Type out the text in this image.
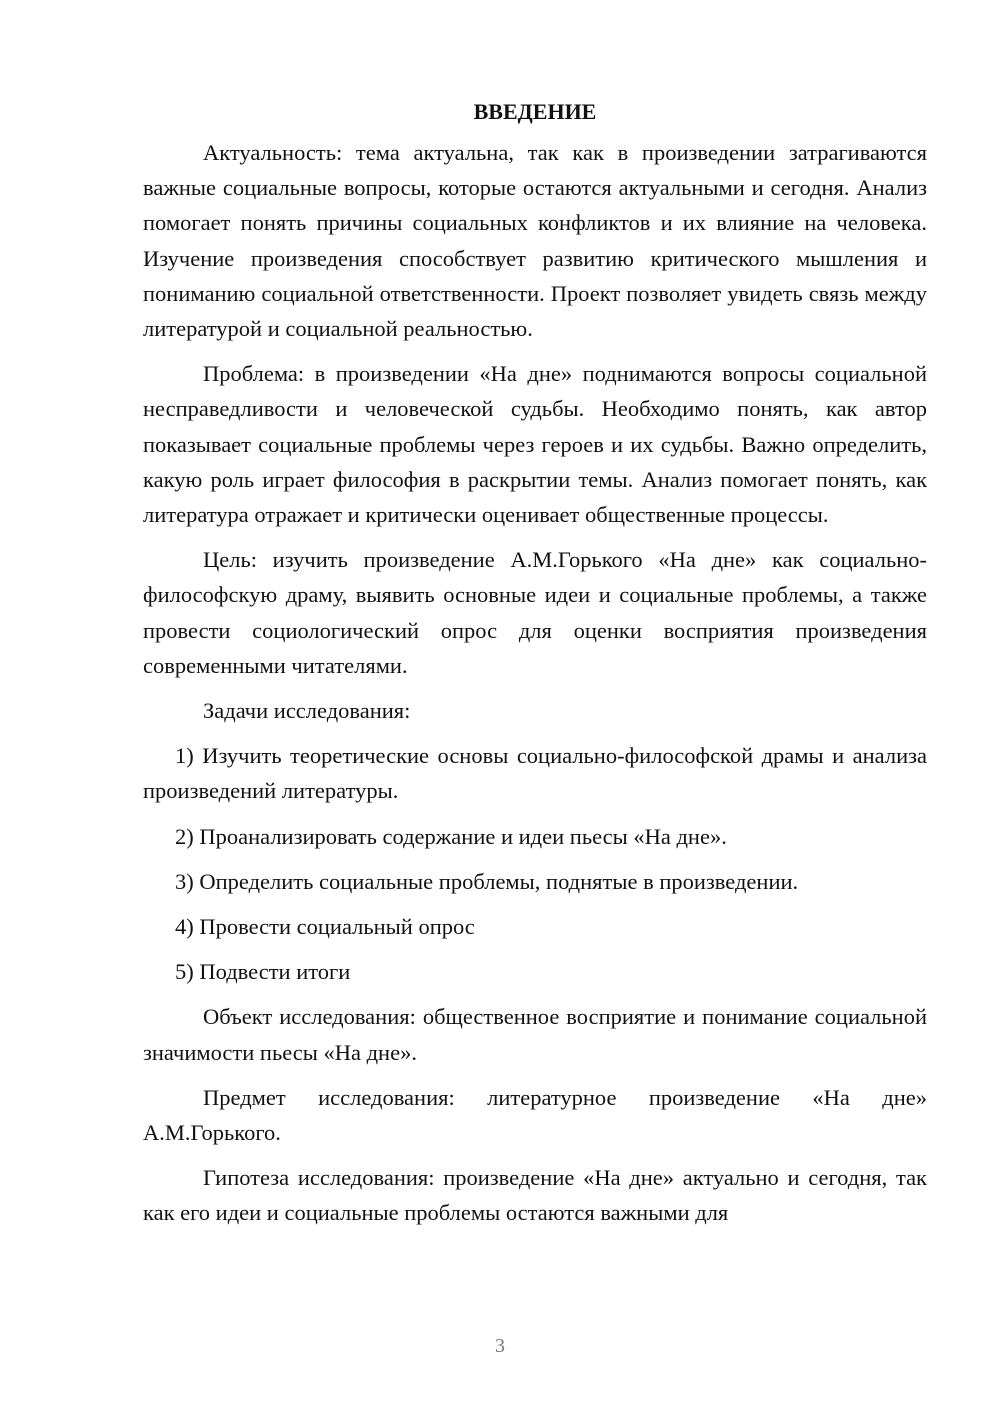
ВВЕДЕНИЕ

Актуальность: тема актуальна, так как в произведении затрагиваются важные социальные вопросы, которые остаются актуальными и сегодня. Анализ помогает понять причины социальных конфликтов и их влияние на человека. Изучение произведения способствует развитию критического мышления и пониманию социальной ответственности. Проект позволяет увидеть связь между литературой и социальной реальностью.

Проблема: в произведении «На дне» поднимаются вопросы социальной несправедливости и человеческой судьбы. Необходимо понять, как автор показывает социальные проблемы через героев и их судьбы. Важно определить, какую роль играет философия в раскрытии темы. Анализ помогает понять, как литература отражает и критически оценивает общественные процессы.

Цель: изучить произведение А.М.Горького «На дне» как социально-философскую драму, выявить основные идеи и социальные проблемы, а также провести социологический опрос для оценки восприятия произведения современными читателями.

Задачи исследования:

1) Изучить теоретические основы социально-философской драмы и анализа произведений литературы.

2) Проанализировать содержание и идеи пьесы «На дне».

3) Определить социальные проблемы, поднятые в произведении.

4) Провести социальный опрос

5) Подвести итоги

Объект исследования: общественное восприятие и понимание социальной значимости пьесы «На дне».

Предмет исследования: литературное произведение «На дне» А.М.Горького.

Гипотеза исследования: произведение «На дне» актуально и сегодня, так как его идеи и социальные проблемы остаются важными для

3
